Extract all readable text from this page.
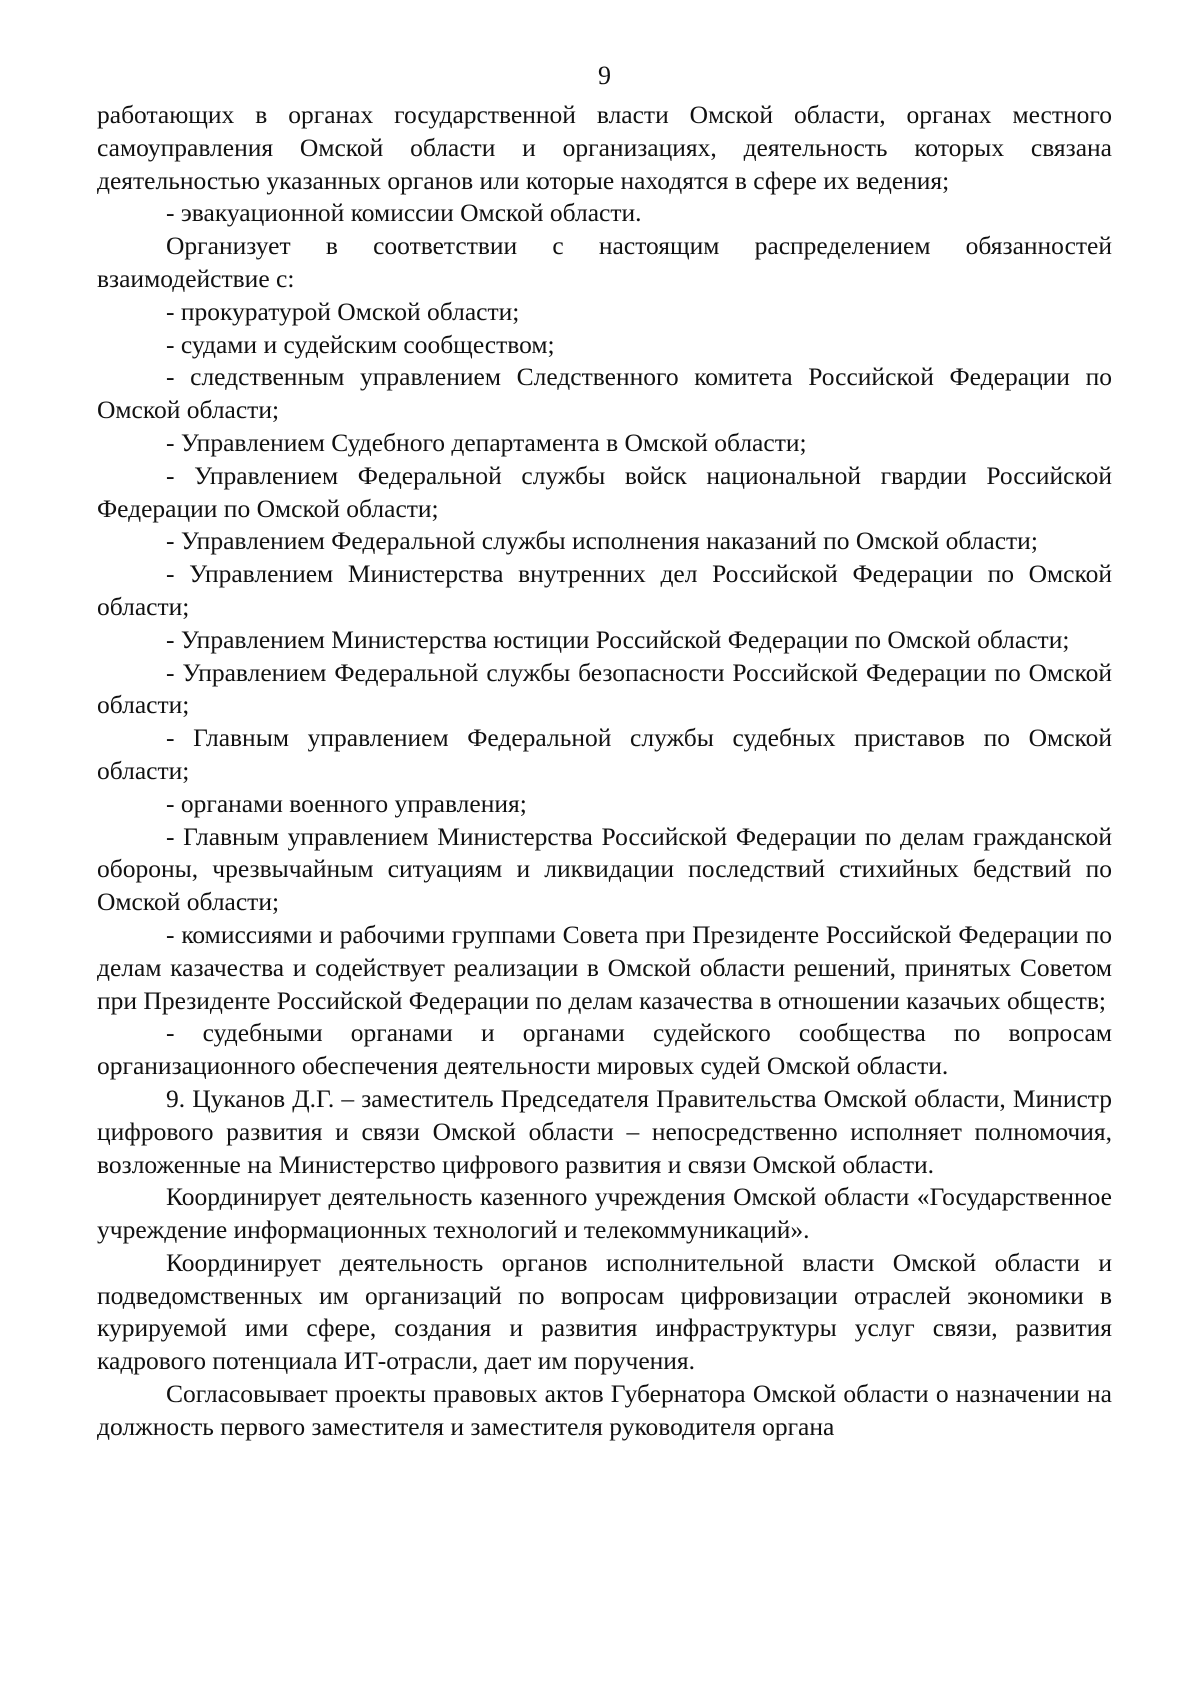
9

работающих в органах государственной власти Омской области, органах местного самоуправления Омской области и организациях, деятельность которых связана деятельностью указанных органов или которые находятся в сфере их ведения;

- эвакуационной комиссии Омской области.

Организует в соответствии с настоящим распределением обязанностей взаимодействие с:

- прокуратурой Омской области;

- судами и судейским сообществом;

- следственным управлением Следственного комитета Российской Федерации по Омской области;

- Управлением Судебного департамента в Омской области;

- Управлением Федеральной службы войск национальной гвардии Российской Федерации по Омской области;

- Управлением Федеральной службы исполнения наказаний по Омской области;

- Управлением Министерства внутренних дел Российской Федерации по Омской области;

- Управлением Министерства юстиции Российской Федерации по Омской области;

- Управлением Федеральной службы безопасности Российской Федерации по Омской области;

- Главным управлением Федеральной службы судебных приставов по Омской области;

- органами военного управления;

- Главным управлением Министерства Российской Федерации по делам гражданской обороны, чрезвычайным ситуациям и ликвидации последствий стихийных бедствий по Омской области;

- комиссиями и рабочими группами Совета при Президенте Российской Федерации по делам казачества и содействует реализации в Омской области решений, принятых Советом при Президенте Российской Федерации по делам казачества в отношении казачьих обществ;

- судебными органами и органами судейского сообщества по вопросам организационного обеспечения деятельности мировых судей Омской области.

9. Цуканов Д.Г. – заместитель Председателя Правительства Омской области, Министр цифрового развития и связи Омской области – непосредственно исполняет полномочия, возложенные на Министерство цифрового развития и связи Омской области.

Координирует деятельность казенного учреждения Омской области «Государственное учреждение информационных технологий и телекоммуникаций».

Координирует деятельность органов исполнительной власти Омской области и подведомственных им организаций по вопросам цифровизации отраслей экономики в курируемой ими сфере, создания и развития инфраструктуры услуг связи, развития кадрового потенциала ИТ-отрасли, дает им поручения.

Согласовывает проекты правовых актов Губернатора Омской области о назначении на должность первого заместителя и заместителя руководителя органа
